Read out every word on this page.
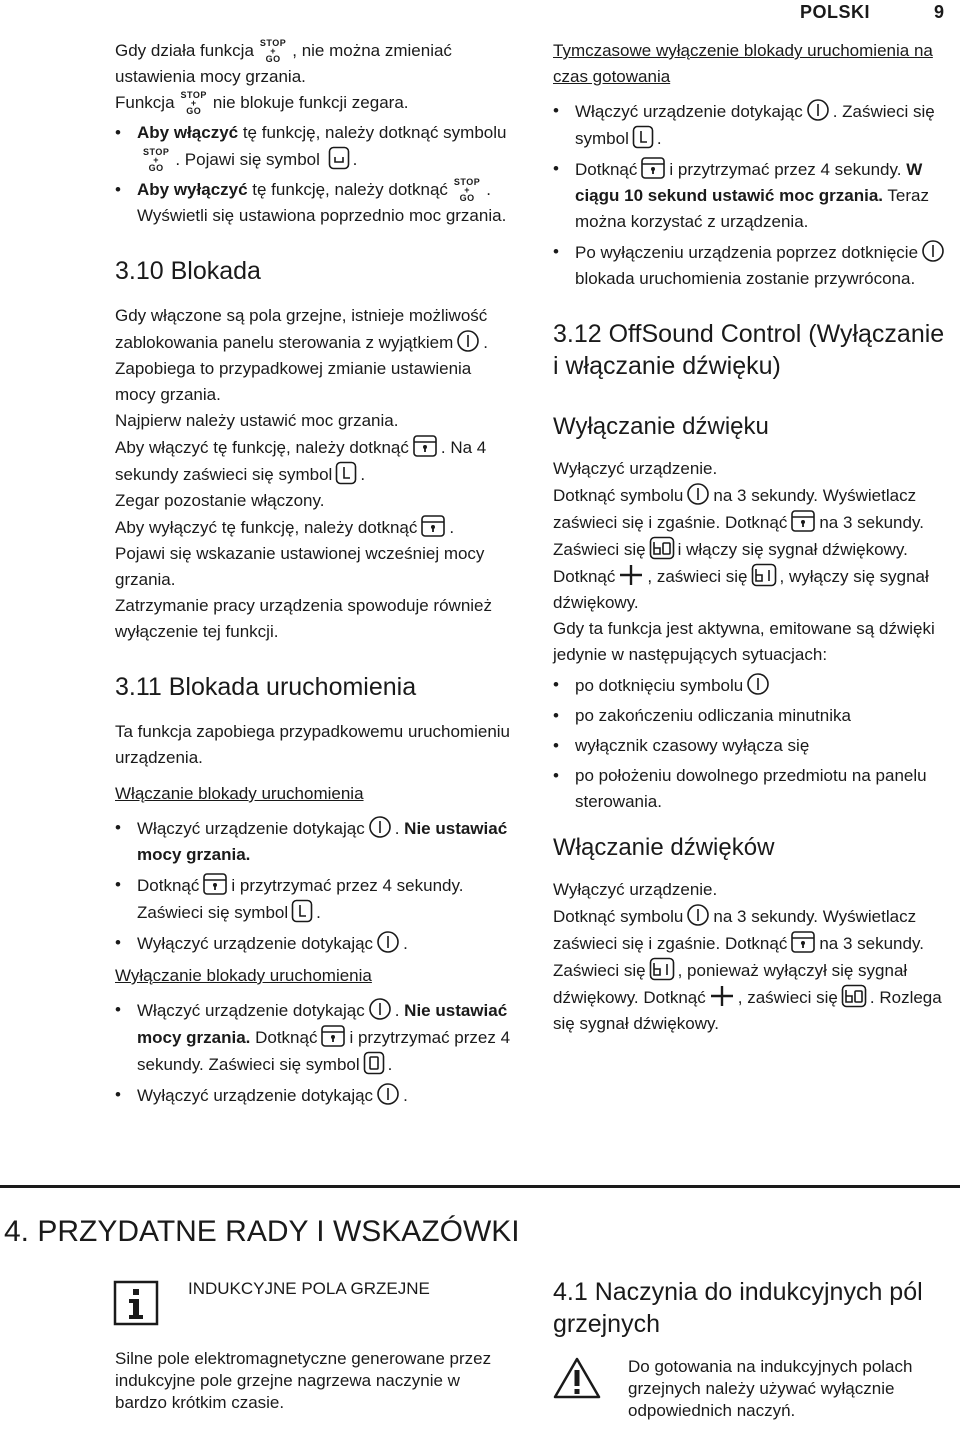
POLSKI	9

Gdy działa funkcja STOP
+
GO , nie można zmieniać ustawienia mocy grzania.

Funkcja STOP
+
GO nie blokuje funkcji zegara.

• Aby włączyć tę funkcję, należy dotknąć symboluSTOP
+
GO . Pojawi się symbol .
• Aby wyłączyć tę funkcję, należy dotknąć STOP
+
GO . Wyświetli się ustawiona poprzednio moc grzania.
3.10 Blokada

Gdy włączone są pola grzejne, istnieje możliwość zablokowania panelu sterowania z wyjątkiem . Zapobiega to przypadkowej zmianie ustawienia mocy grzania.

Najpierw należy ustawić moc grzania.

Aby włączyć tę funkcję, należy dotknąć . Na 4 sekundy zaświeci się symbol .

Zegar pozostanie włączony.

Aby wyłączyć tę funkcję, należy dotknąć .

Pojawi się wskazanie ustawionej wcześniej mocy grzania.

Zatrzymanie pracy urządzenia spowoduje również wyłączenie tej funkcji.

3.11 Blokada uruchomienia

Ta funkcja zapobiega przypadkowemu uruchomieniu urządzenia.

Włączanie blokady uruchomienia
• Włączyć urządzenie dotykając . Nie ustawiać mocy grzania.
• Dotknąć i przytrzymać przez 4 sekundy. Zaświeci się symbol .
• Wyłączyć urządzenie dotykając .
Wyłączanie blokady uruchomienia
• Włączyć urządzenie dotykając . Nie ustawiać mocy grzania. Dotknąć i przytrzymać przez 4 sekundy. Zaświeci się symbol .
• Wyłączyć urządzenie dotykając .
Tymczasowe wyłączenie blokady uruchomienia na czas gotowania
• Włączyć urządzenie dotykając . Zaświeci się symbol .
• Dotknąć i przytrzymać przez 4 sekundy. W ciągu 10 sekund ustawić moc grzania. Teraz można korzystać z urządzenia.
• Po wyłączeniu urządzenia poprzez dotknięcieblokada uruchomienia zostanie przywrócona.
3.12 OffSound Control (Wyłączanie i włączanie dźwięku)
Wyłączanie dźwięku

Wyłączyć urządzenie.

Dotknąć symbolu na 3 sekundy. Wyświetlacz zaświeci się i zgaśnie. Dotknąć na 3 sekundy. Zaświeci się i włączy się sygnał dźwiękowy. Dotknąć , zaświeci się , wyłączy się sygnał dźwiękowy.

Gdy ta funkcja jest aktywna, emitowane są dźwięki jedynie w następujących sytuacjach:

• po dotknięciu symbolu
• po zakończeniu odliczania minutnika
• wyłącznik czasowy wyłącza się
• po położeniu dowolnego przedmiotu na panelu sterowania.
Włączanie dźwięków

Wyłączyć urządzenie.

Dotknąć symbolu na 3 sekundy. Wyświetlacz zaświeci się i zgaśnie. Dotknąć na 3 sekundy. Zaświeci się , ponieważ wyłączył się sygnał dźwiękowy. Dotknąć , zaświeci się . Rozlega się sygnał dźwiękowy.

4. PRZYDATNE RADY I WSKAZÓWKI
INDUKCYJNE POLA GRZEJNE
Silne pole elektromagnetyczne generowane przez indukcyjne pole grzejne nagrzewa naczynie w bardzo krótkim czasie.
4.1 Naczynia do indukcyjnych pól grzejnych
Do gotowania na indukcyjnych polach grzejnych należy używać wyłącznie odpowiednich naczyń.
